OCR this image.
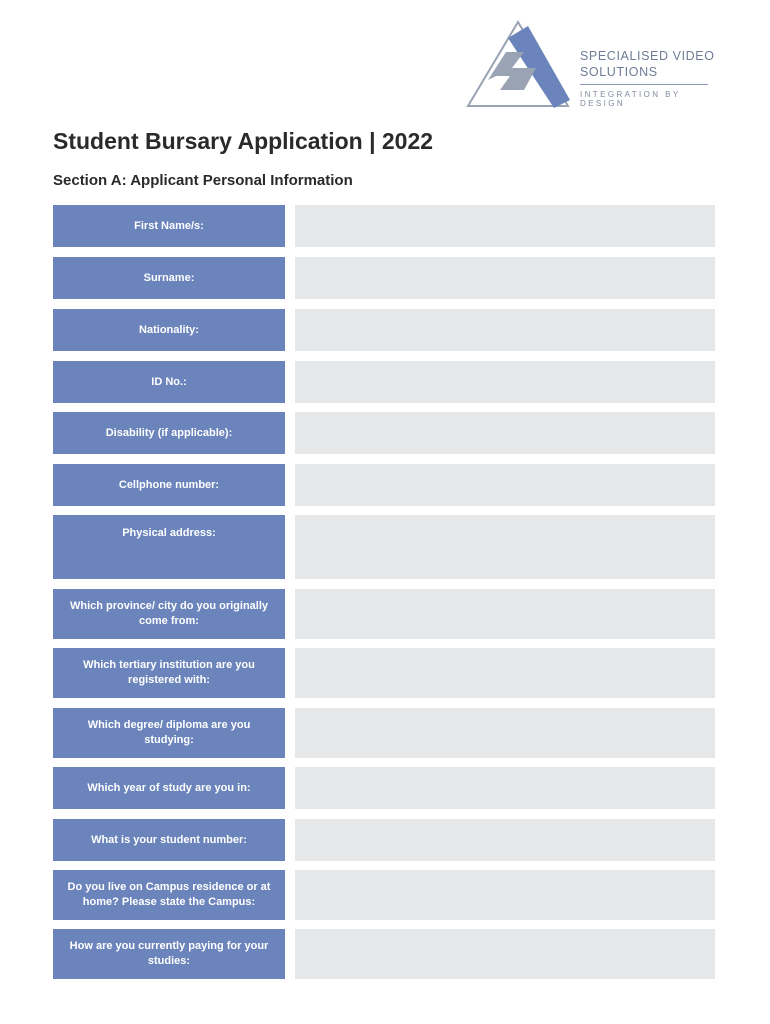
SPECIALISED VIDEO
SOLUTIONS
INTEGRATION BY DESIGN
Student Bursary Application | 2022
Section A: Applicant Personal Information
First Name/s:
Surname:
Nationality:
ID No.:
Disability (if applicable):
Cellphone number:
Physical address:
Which province/ city do you originally come from:
Which tertiary institution are you registered with:
Which degree/ diploma are you studying:
Which year of study are you in:
What is your student number:
Do you live on Campus residence or at home? Please state the Campus:
How are you currently paying for your studies:
